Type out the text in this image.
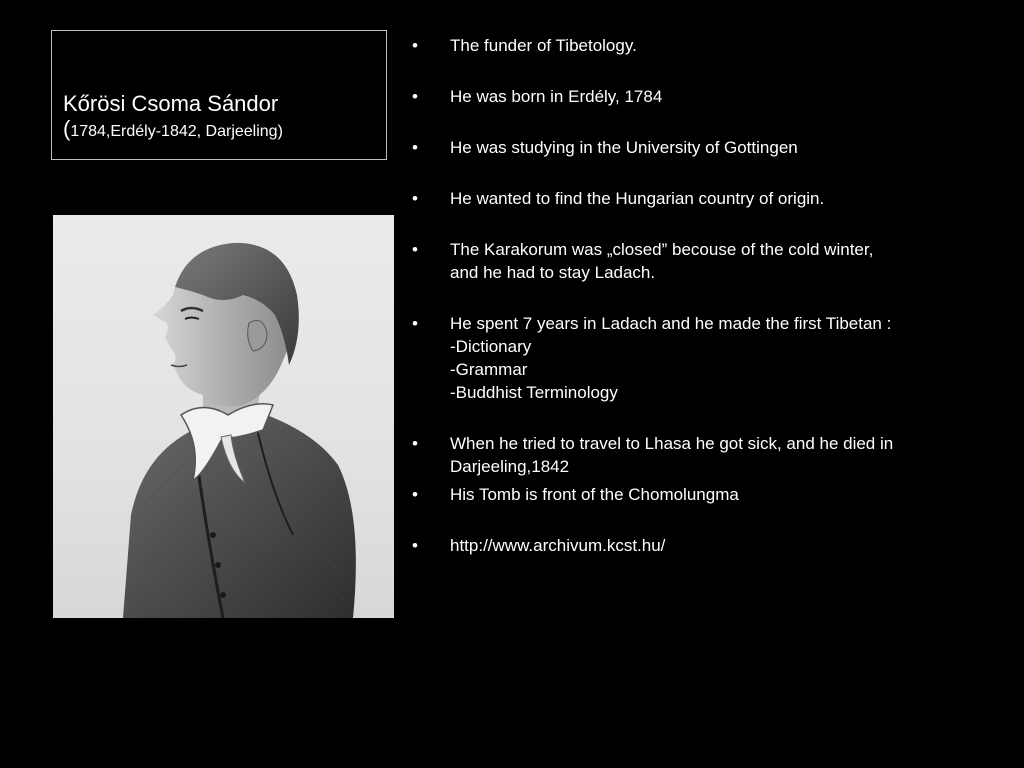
Kőrösi Csoma Sándor
(1784,Erdély-1842, Darjeeling)
• The funder of Tibetology.
• He was born in Erdély, 1784
• He was studying in the University of Gottingen
• He wanted to find the Hungarian country of origin.
• The Karakorum was „closed” becouse of the cold winter,
and he had to stay Ladach.
• He spent 7 years in Ladach and he made the first Tibetan :
-Dictionary
-Grammar
-Buddhist Terminology
• When he tried to travel to Lhasa he got sick, and he died in
Darjeeling,1842
• His Tomb is front of the Chomolungma
• http://www.archivum.kcst.hu/
